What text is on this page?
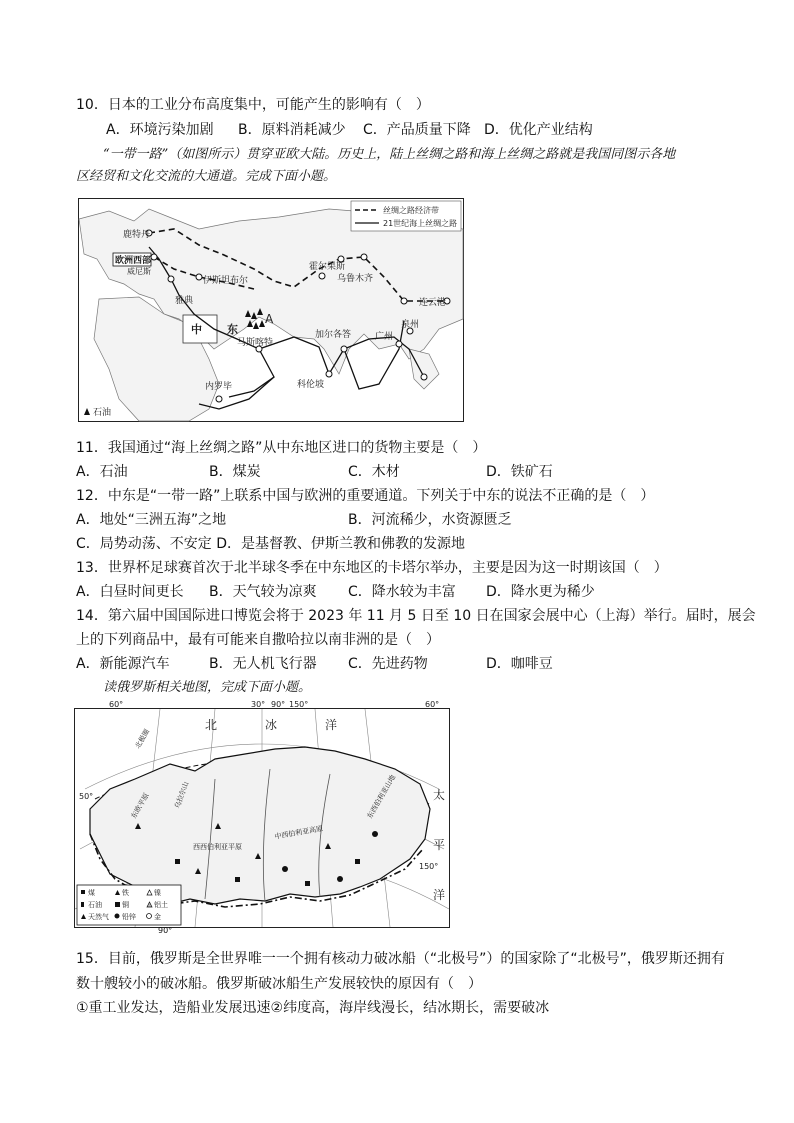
10．日本的工业分布高度集中，可能产生的影响有（　）
A．环境污染加剧 B．原料消耗减少 C．产品质量下降 D．优化产业结构
“一带一路”（如图所示）贯穿亚欧大陆。历史上，陆上丝绸之路和海上丝绸之路就是我国同图示各地
区经贸和文化交流的大通道。完成下面小题。
丝绸之路经济带
21世纪海上丝绸之路
石油
鹿特丹
欧洲西部
威尼斯
伊斯坦布尔
雅典
中 东
A
马斯喀特
内罗毕
霍尔果斯
乌鲁木齐
连云港
泉州
广州
加尔各答
科伦坡
11．我国通过“海上丝绸之路”从中东地区进口的货物主要是（　）
A．石油	B．煤炭	C．木材	D．铁矿石
12．中东是“一带一路”上联系中国与欧洲的重要通道。下列关于中东的说法不正确的是（　）
A．地处“三洲五海”之地	B．河流稀少，水资源匮乏
C．局势动荡、不安定 D．是基督教、伊斯兰教和佛教的发源地
13．世界杯足球赛首次于北半球冬季在中东地区的卡塔尔举办，主要是因为这一时期该国（　）
A．白昼时间更长 B．天气较为凉爽 C．降水较为丰富 D．降水更为稀少
14．第六届中国国际进口博览会将于 2023 年 11 月 5 日至 10 日在国家会展中心（上海）举行。届时，展会
上的下列商品中，最有可能来自撒哈拉以南非洲的是（　）
A．新能源汽车	B．无人机飞行器 C．先进药物	D．咖啡豆
读俄罗斯相关地图，完成下面小题。
北	冰	洋
太
平
洋
60°	30° 90° 150°	60°
50°
150°
北极圈
东欧平原
西西伯利亚平原
中西伯利亚高原
东西伯利亚山地
乌拉尔山
煤	铁	镍
石油	铜	铝土
天然气 铅锌	金
90°
15．目前，俄罗斯是全世界唯一一个拥有核动力破冰船（“北极号”）的国家除了“北极号”，俄罗斯还拥有
数十艘较小的破冰船。俄罗斯破冰船生产发展较快的原因有（　）
①重工业发达，造船业发展迅速②纬度高，海岸线漫长，结冰期长，需要破冰
